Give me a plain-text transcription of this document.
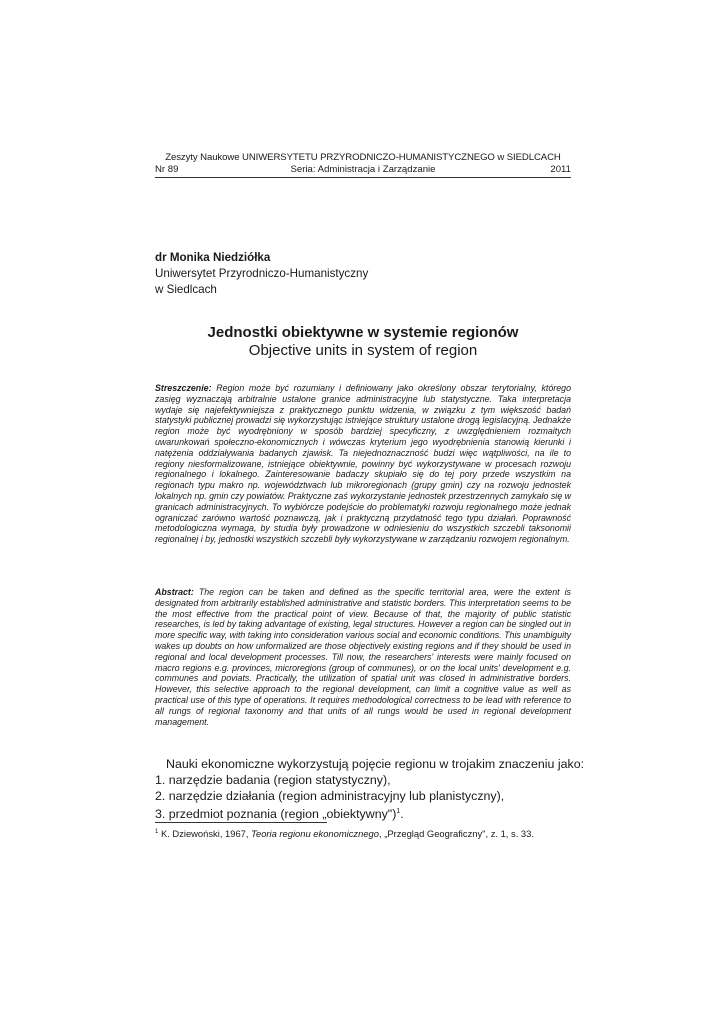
Zeszyty Naukowe UNIWERSYTETU PRZYRODNICZO-HUMANISTYCZNEGO w SIEDLCACH
Seria: Administracja i Zarządzanie
Nr 89	2011
dr Monika Niedziółka
Uniwersytet Przyrodniczo-Humanistyczny
w Siedlcach
Jednostki obiektywne w systemie regionów
Objective units in system of region
Streszczenie: Region może być rozumiany i definiowany jako określony obszar terytorialny, którego zasięg wyznaczają arbitralnie ustalone granice administracyjne lub statystyczne. Taka interpretacja wydaje się najefektywniejsza z praktycznego punktu widzenia, w związku z tym większość badań statystyki publicznej prowadzi się wykorzystując istniejące struktury ustalone drogą legislacyjną. Jednakże region może być wyodrębniony w sposób bardziej specyficzny, z uwzględnieniem rozmaitych uwarunkowań społeczno-ekonomicznych i wówczas kryterium jego wyodrębnienia stanowią kierunki i natężenia oddziaływania badanych zjawisk. Ta niejednoznaczność budzi więc wątpliwości, na ile to regiony niesformalizowane, istniejące obiektywnie, powinny być wykorzystywane w procesach rozwoju regionalnego i lokalnego. Zainteresowanie badaczy skupiało się do tej pory przede wszystkim na regionach typu makro np. województwach lub mikroregionach (grupy gmin) czy na rozwoju jednostek lokalnych np. gmin czy powiatów. Praktyczne zaś wykorzystanie jednostek przestrzennych zamykało się w granicach administracyjnych. To wybiórcze podejście do problematyki rozwoju regionalnego może jednak ograniczać zarówno wartość poznawczą, jak i praktyczną przydatność tego typu działań. Poprawność metodologiczna wymaga, by studia były prowadzone w odniesieniu do wszystkich szczebli taksonomii regionalnej i by, jednostki wszystkich szczebli były wykorzystywane w zarządzaniu rozwojem regionalnym.
Abstract: The region can be taken and defined as the specific territorial area, were the extent is designated from arbitrarily established administrative and statistic borders. This interpretation seems to be the most effective from the practical point of view. Because of that, the majority of public statistic researches, is led by taking advantage of existing, legal structures. However a region can be singled out in more specific way, with taking into consideration various social and economic conditions. This unambiguity wakes up doubts on how unformalized are those objectively existing regions and if they should be used in regional and local development processes. Till now, the researchers' interests were mainly focused on macro regions e.g. provinces, microregions (group of communes), or on the local units' development e.g. communes and poviats. Practically, the utilization of spatial unit was closed in administrative borders. However, this selective approach to the regional development, can limit a cognitive value as well as practical use of this type of operations. It requires methodological correctness to be lead with reference to all rungs of regional taxonomy and that units of all rungs would be used in regional development management.
Nauki ekonomiczne wykorzystują pojęcie regionu w trojakim znaczeniu jako:
1. narzędzie badania (region statystyczny),
2. narzędzie działania (region administracyjny lub planistyczny),
3. przedmiot poznania (region „obiektywny")$^1$.
$^1$ K. Dziewoński, 1967, Teoria regionu ekonomicznego, „Przegląd Geograficzny", z. 1, s. 33.
